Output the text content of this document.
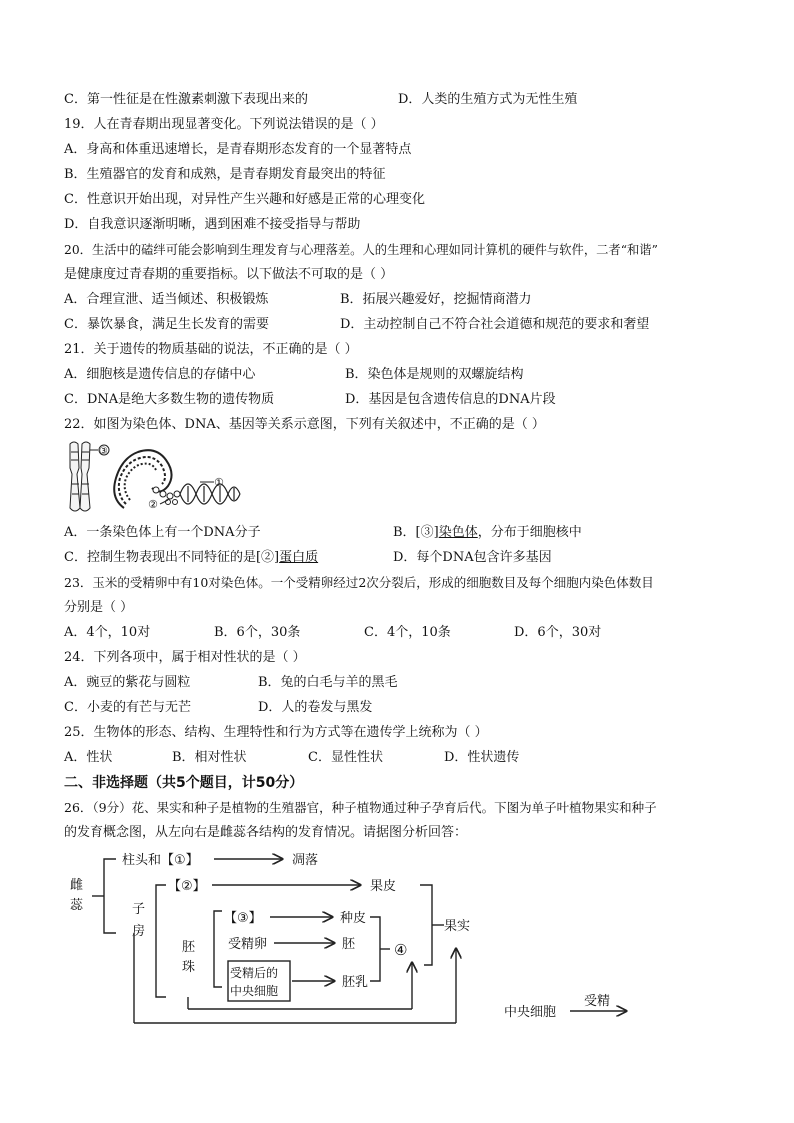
C．第一性征是在性激素刺激下表现出来的	D．人类的生殖方式为无性生殖
19．人在青春期出现显著变化。下列说法错误的是（ ）
A．身高和体重迅速增长，是青春期形态发育的一个显著特点
B．生殖器官的发育和成熟，是青春期发育最突出的特征
C．性意识开始出现，对异性产生兴趣和好感是正常的心理变化
D．自我意识逐渐明晰，遇到困难不接受指导与帮助
20．生活中的磕绊可能会影响到生理发育与心理落差。人的生理和心理如同计算机的硬件与软件，二者“和谐”
是健康度过青春期的重要指标。以下做法不可取的是（ ）
A．合理宣泄、适当倾述、积极锻炼	B．拓展兴趣爱好，挖掘情商潜力
C．暴饮暴食，满足生长发育的需要	D．主动控制自己不符合社会道德和规范的要求和奢望
21．关于遗传的物质基础的说法，不正确的是（ ）
A．细胞核是遗传信息的存储中心	B．染色体是规则的双螺旋结构
C．DNA是绝大多数生物的遗传物质	D．基因是包含遗传信息的DNA片段
22．如图为染色体、DNA、基因等关系示意图，下列有关叙述中，不正确的是（ ）
③
①
②
A．一条染色体上有一个DNA分子	B．[③]染色体，分布于细胞核中
C．控制生物表现出不同特征的是[②]蛋白质	D．每个DNA包含许多基因
23．玉米的受精卵中有10对染色体。一个受精卵经过2次分裂后，形成的细胞数目及每个细胞内染色体数目
分别是（ ）
A．4个，10对	B．6个，30条	C．4个，10条	D．6个，30对
24．下列各项中，属于相对性状的是（ ）
A．豌豆的紫花与圆粒	B．兔的白毛与羊的黑毛
C．小麦的有芒与无芒	D．人的卷发与黑发
25．生物体的形态、结构、生理特性和行为方式等在遗传学上统称为（ ）
A．性状	B．相对性状	C．显性性状	D．性状遗传
二、非选择题（共5个题目，计50分）
26．（9分）花、果实和种子是植物的生殖器官，种子植物通过种子孕育后代。下图为单子叶植物果实和种子
的发育概念图，从左向右是雌蕊各结构的发育情况。请据图分析回答：
雌
蕊
柱头和【①】	凋落
子
房
【②】	果皮
胚
珠
【③】	种皮
受精卵	胚
受精后的
中央细胞
胚乳
④
果实
中央细胞
受精
